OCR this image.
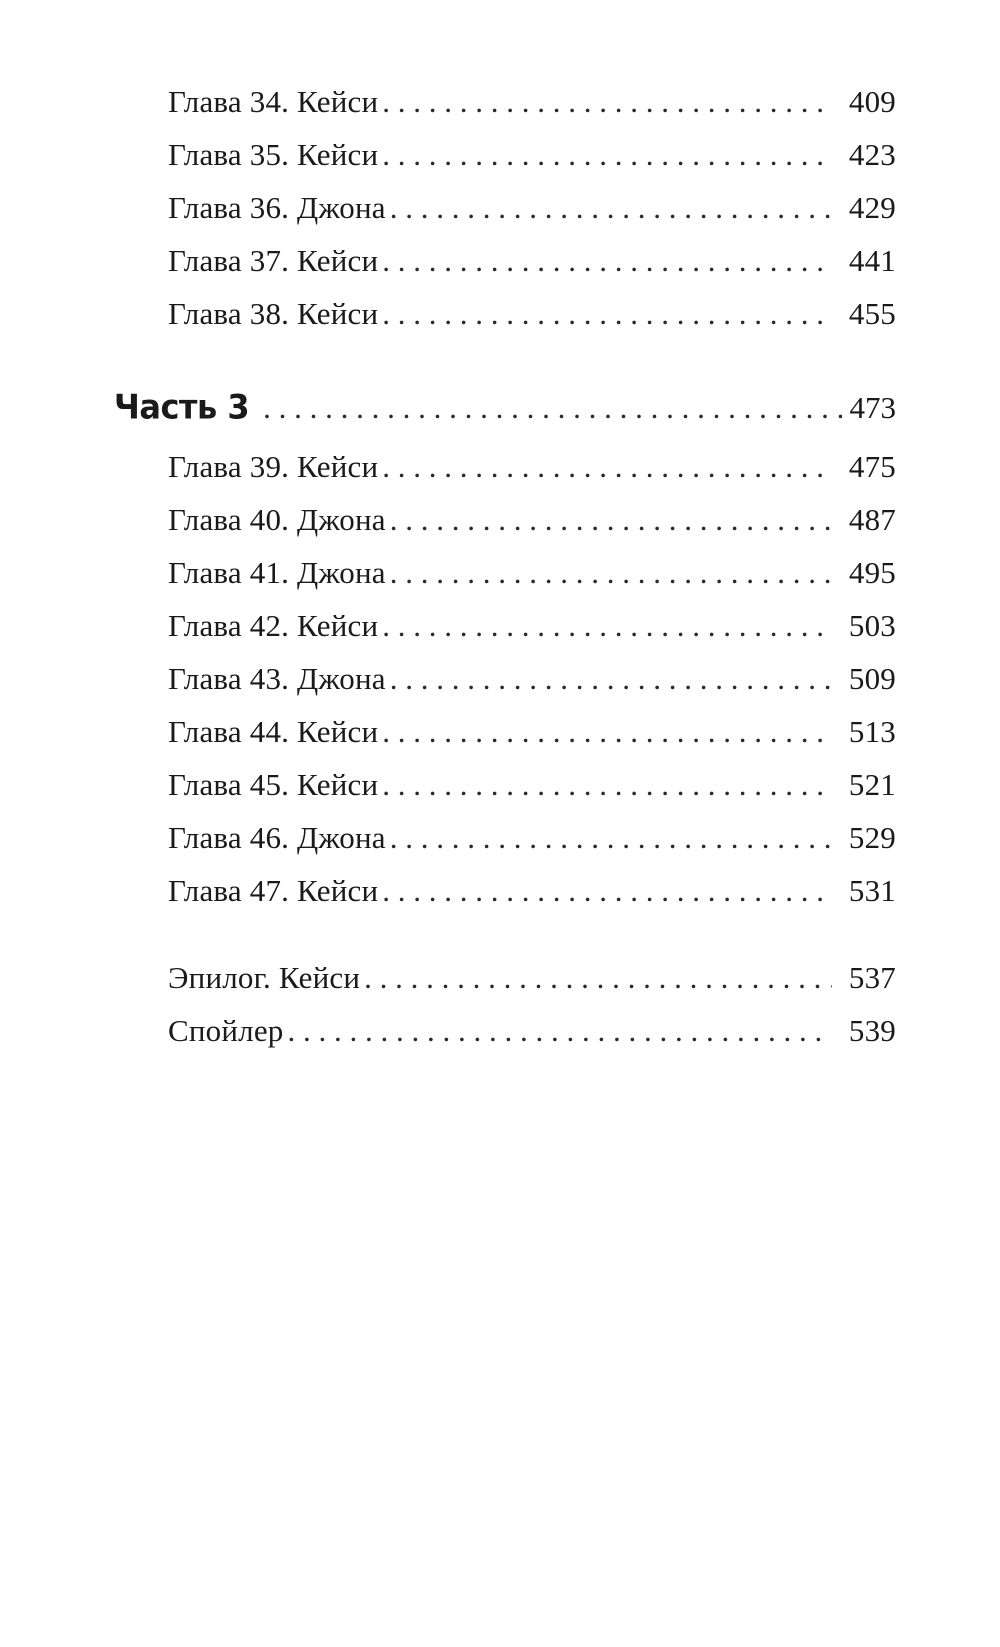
Глава 34. Кейси . . .	409
Глава 35. Кейси . . .	423
Глава 36. Джона . . .	429
Глава 37. Кейси . . .	441
Глава 38. Кейси . . .	455
Часть 3 . . .	473
Глава 39. Кейси . . .	475
Глава 40. Джона . . .	487
Глава 41. Джона . . .	495
Глава 42. Кейси . . .	503
Глава 43. Джона . . .	509
Глава 44. Кейси . . .	513
Глава 45. Кейси . . .	521
Глава 46. Джона . . .	529
Глава 47. Кейси . . .	531
Эпилог. Кейси . . .	537
Спойлер . . .	539
